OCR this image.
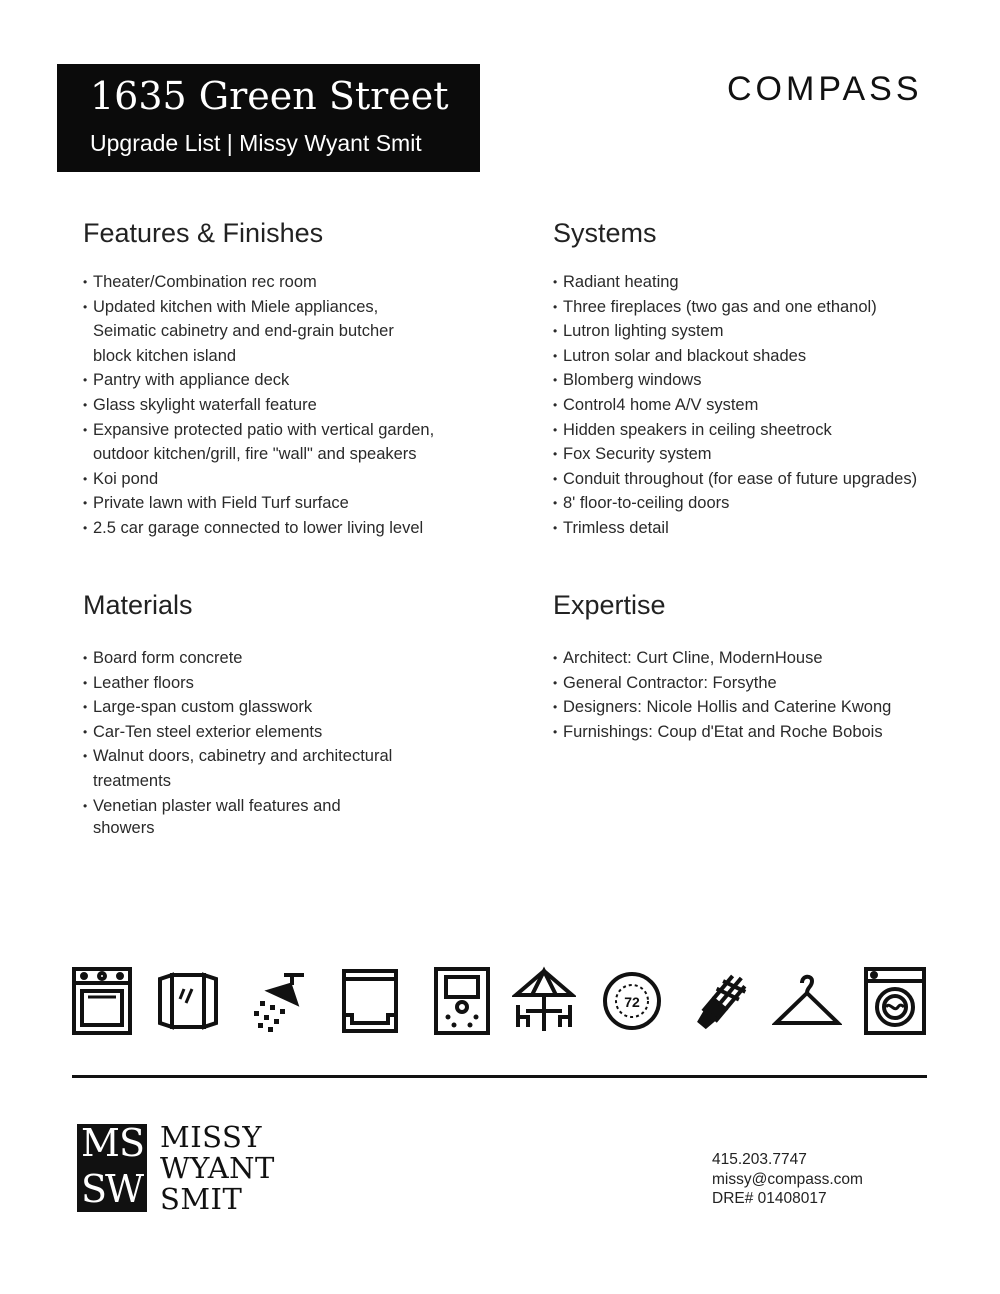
1635 Green Street
Upgrade List | Missy Wyant Smit
COMPASS
Features & Finishes
• Theater/Combination rec room
• Updated kitchen with Miele appliances,
Seimatic cabinetry and end-grain butcher
block kitchen island
• Pantry with appliance deck
• Glass skylight waterfall feature
• Expansive protected patio with vertical garden,
outdoor kitchen/grill, fire "wall" and speakers
• Koi pond
• Private lawn with Field Turf surface
• 2.5 car garage connected to lower living level
Systems
• Radiant heating
• Three fireplaces (two gas and one ethanol)
• Lutron lighting system
• Lutron solar and blackout shades
• Blomberg windows
• Control4 home A/V system
• Hidden speakers in ceiling sheetrock
• Fox Security system
• Conduit throughout (for ease of future upgrades)
• 8' floor-to-ceiling doors
• Trimless detail
Materials
• Board form concrete
• Leather floors
• Large-span custom glasswork
• Car-Ten steel exterior elements
• Walnut doors, cabinetry and architectural
treatments
• Venetian plaster wall features and
showers
Expertise
• Architect: Curt Cline, ModernHouse
• General Contractor: Forsythe
• Designers: Nicole Hollis and Caterine Kwong
• Furnishings: Coup d'Etat and Roche Bobois
72
M S
S
W
MISSY
WYANT
SMIT
415.203.7747
missy@compass.com
DRE# 01408017
